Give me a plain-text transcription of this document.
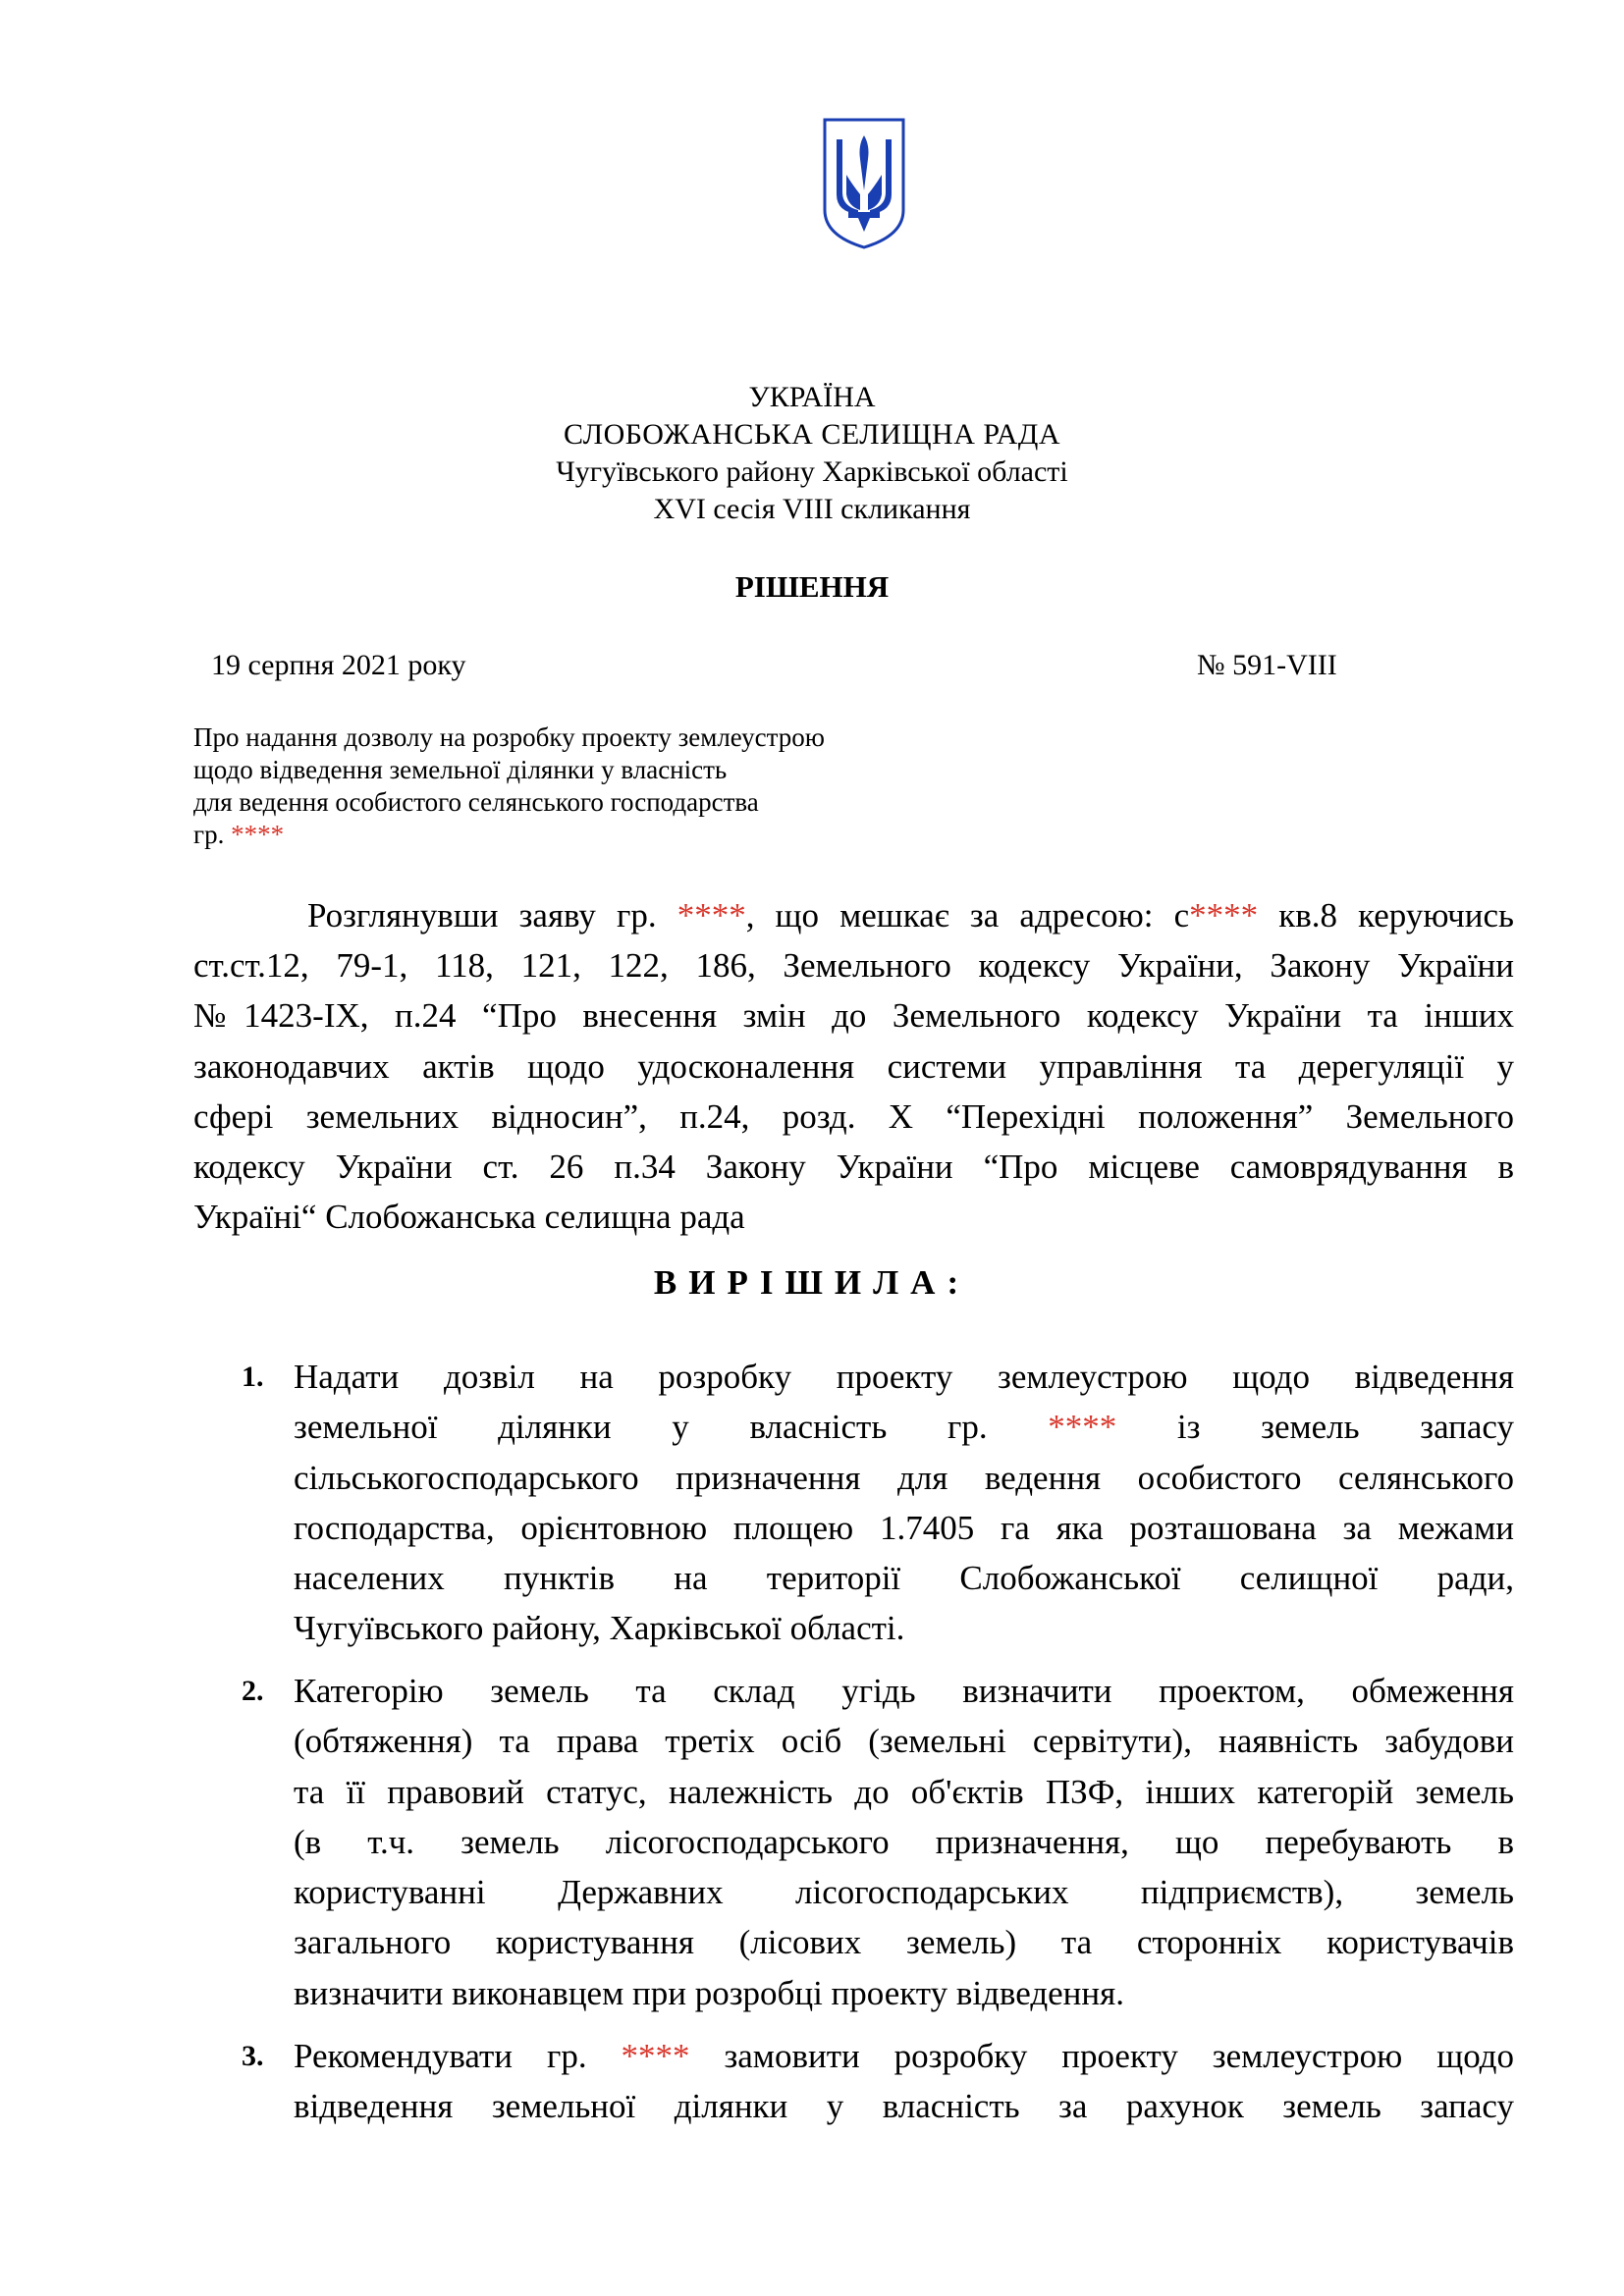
УКРАЇНА
СЛОБОЖАНСЬКА СЕЛИЩНА РАДА
Чугуївського району Харківської області
XVI сесія VIII скликання
РІШЕННЯ
19 серпня 2021 року	№ 591-VIII
Про надання дозволу на розробку проекту землеустрою
щодо відведення земельної ділянки у власність
для ведення особистого селянського господарства
гр. ****
Розглянувши заяву гр. ****, що мешкає за адресою: с**** кв.8 керуючись
ст.ст.12, 79-1, 118, 121, 122, 186, Земельного кодексу України, Закону України
№1423-IX, п.24 “Про внесення змін до Земельного кодексу України та інших
законодавчих актів щодо удосконалення системи управління та дерегуляції у
сфері земельних відносин”, п.24, розд. X “Перехідні положення” Земельного
кодексу України ст. 26 п.34 Закону України “Про місцеве самоврядування в
Україні“ Слобожанська селищна рада
ВИРІШИЛА:
1. Надати дозвіл на розробку проекту землеустрою щодо відведення
земельної ділянки у власність гр. **** із земель запасу
сільськогосподарського призначення для ведення особистого селянського
господарства, орієнтовною площею 1.7405 га яка розташована за межами
населених пунктів на території Слобожанської селищної ради,
Чугуївського району, Харківської області.
2. Категорію земель та склад угідь визначити проектом, обмеження
(обтяження) та права третіх осіб (земельні сервітути), наявність забудови
та її правовий статус, належність до об'єктів ПЗФ, інших категорій земель
(в т.ч. земель лісогосподарського призначення, що перебувають в
користуванні Державних лісогосподарських підприємств), земель
загального користування (лісових земель) та сторонніх користувачів
визначити виконавцем при розробці проекту відведення.
3. Рекомендувати гр. **** замовити розробку проекту землеустрою щодо
відведення земельної ділянки у власність за рахунок земель запасу
